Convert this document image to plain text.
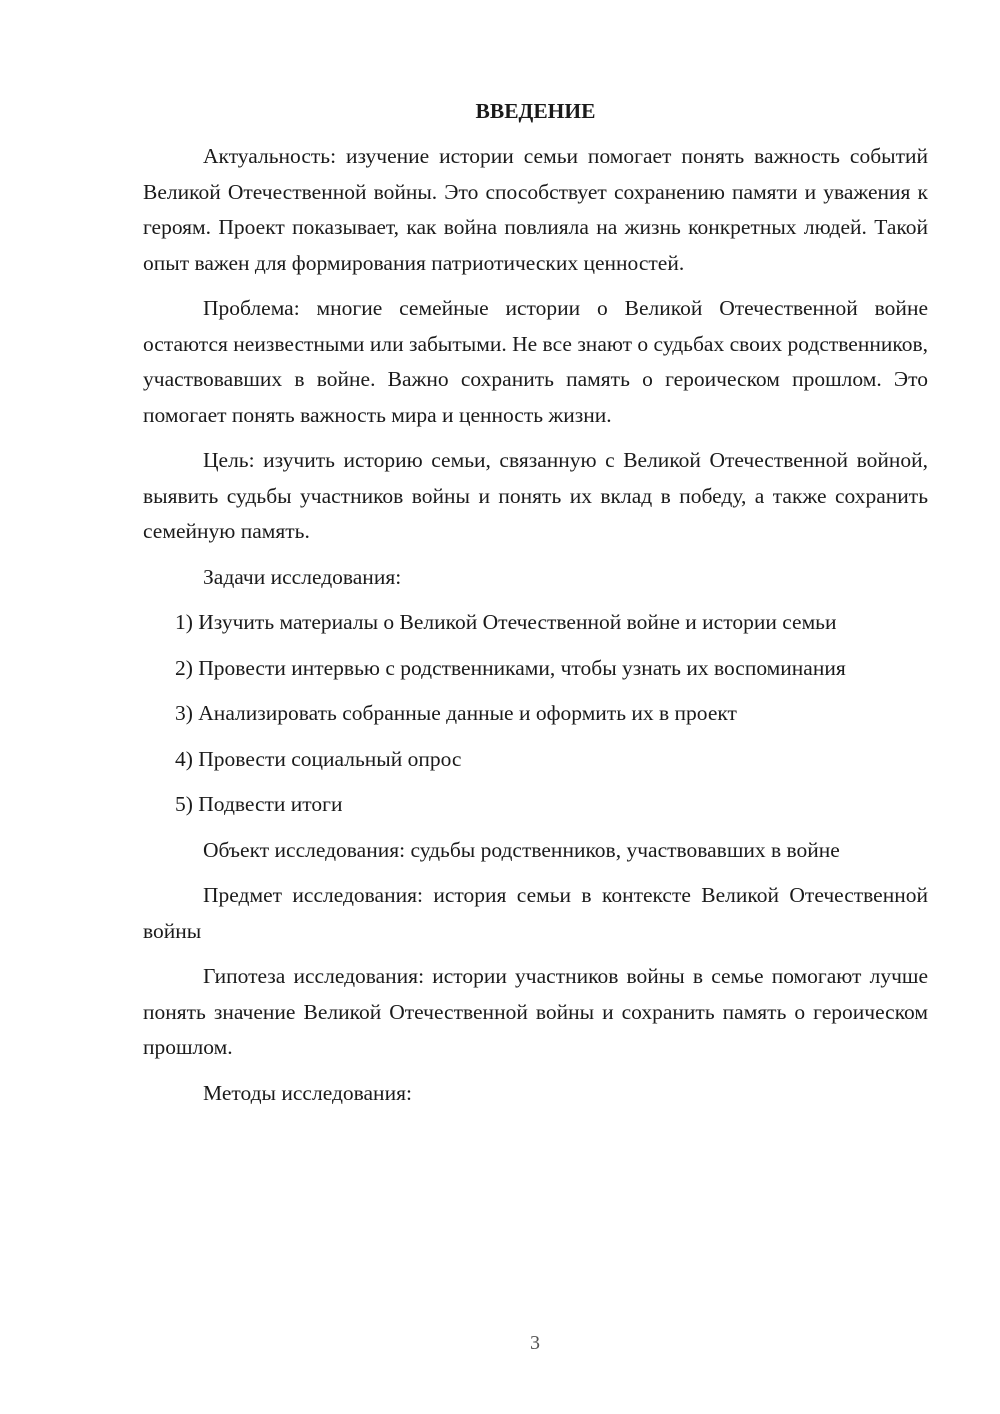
ВВЕДЕНИЕ

Актуальность: изучение истории семьи помогает понять важность событий Великой Отечественной войны. Это способствует сохранению памяти и уважения к героям. Проект показывает, как война повлияла на жизнь конкретных людей. Такой опыт важен для формирования патриотических ценностей.

Проблема: многие семейные истории о Великой Отечественной войне остаются неизвестными или забытыми. Не все знают о судьбах своих родственников, участвовавших в войне. Важно сохранить память о героическом прошлом. Это помогает понять важность мира и ценность жизни.

Цель: изучить историю семьи, связанную с Великой Отечественной войной, выявить судьбы участников войны и понять их вклад в победу, а также сохранить семейную память.

Задачи исследования:

1) Изучить материалы о Великой Отечественной войне и истории семьи

2) Провести интервью с родственниками, чтобы узнать их воспоминания

3) Анализировать собранные данные и оформить их в проект

4) Провести социальный опрос

5) Подвести итоги

Объект исследования: судьбы родственников, участвовавших в войне

Предмет исследования: история семьи в контексте Великой Отечественной войны

Гипотеза исследования: истории участников войны в семье помогают лучше понять значение Великой Отечественной войны и сохранить память о героическом прошлом.

Методы исследования:

3
